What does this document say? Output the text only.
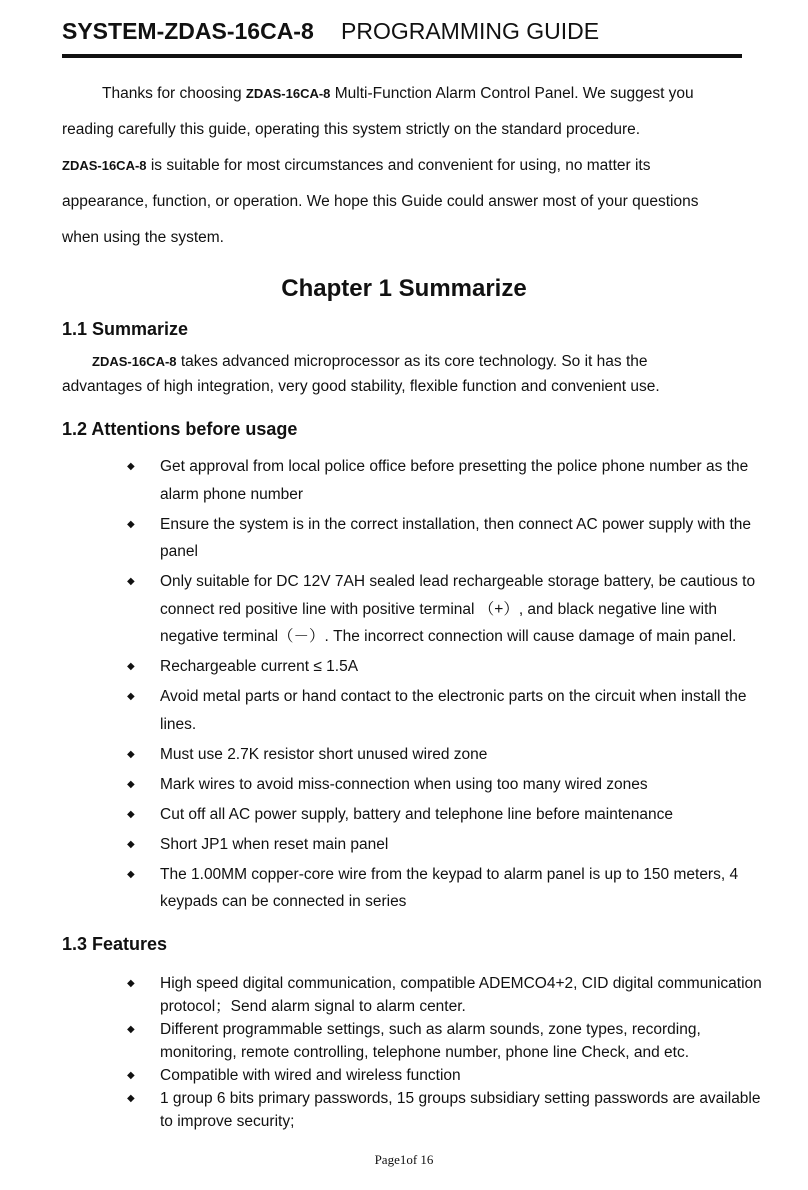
SYSTEM-ZDAS-16CA-8 PROGRAMMING GUIDE
Thanks for choosing ZDAS-16CA-8 Multi-Function Alarm Control Panel. We suggest you
reading carefully this guide, operating this system strictly on the standard procedure.
ZDAS-16CA-8 is suitable for most circumstances and convenient for using, no matter its
appearance, function, or operation. We hope this Guide could answer most of your questions
when using the system.
Chapter 1 Summarize
1.1 Summarize
ZDAS-16CA-8 takes advanced microprocessor as its core technology. So it has the
advantages of high integration, very good stability, flexible function and convenient use.
1.2 Attentions before usage
◆ Get approval from local police office before presetting the police phone number as the alarm phone number
◆ Ensure the system is in the correct installation, then connect AC power supply with the panel
◆ Only suitable for DC 12V 7AH sealed lead rechargeable storage battery, be cautious to connect red positive line with positive terminal （+）, and black negative line with negative terminal（－）. The incorrect connection will cause damage of main panel.
◆ Rechargeable current ≤ 1.5A
◆ Avoid metal parts or hand contact to the electronic parts on the circuit when install the lines.
◆ Must use 2.7K resistor short unused wired zone
◆ Mark wires to avoid miss-connection when using too many wired zones
◆ Cut off all AC power supply, battery and telephone line before maintenance
◆ Short JP1 when reset main panel
◆ The 1.00MM copper-core wire from the keypad to alarm panel is up to 150 meters, 4 keypads can be connected in series
1.3 Features
◆ High speed digital communication, compatible ADEMCO4+2, CID digital communication protocol；Send alarm signal to alarm center.
◆ Different programmable settings, such as alarm sounds, zone types, recording, monitoring, remote controlling, telephone number, phone line Check, and etc.
◆ Compatible with wired and wireless function
◆ 1 group 6 bits primary passwords, 15 groups subsidiary setting passwords are available to improve security;
Page1of 16
